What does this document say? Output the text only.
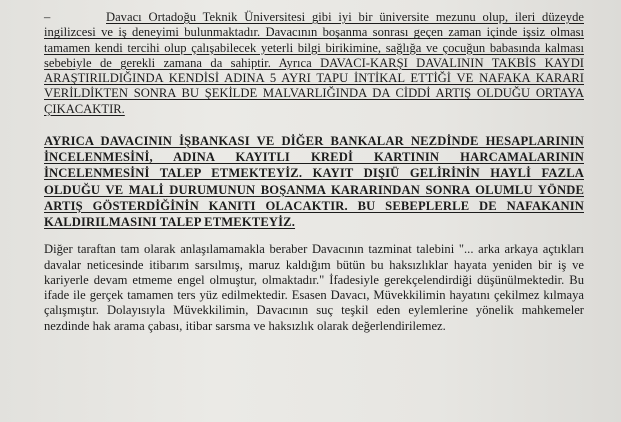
–	Davacı Ortadoğu Teknik Üniversitesi gibi iyi bir üniversite mezunu olup, ileri düzeyde ingilizcesi ve iş deneyimi bulunmaktadır. Davacının boşanma sonrası geçen zaman içinde işsiz olması tamamen kendi tercihi olup çalışabilecek yeterli bilgi birikimine, sağlığa ve çocuğun babasında kalması sebebiyle de gerekli zamana da sahiptir. Ayrıca DAVACI-KARŞI DAVALININ TAKBİS KAYDI ARAŞTIRILDIĞINDA KENDİSİ ADINA 5 AYRI TAPU İNTİKAL ETTİĞİ VE NAFAKA KARARI VERİLDİKTEN SONRA BU ŞEKİLDE MALVARLIĞINDA DA CİDDİ ARTIŞ OLDUĞU ORTAYA ÇIKACAKTIR.

AYRICA DAVACININ İŞBANKASI VE DİĞER BANKALAR NEZDİNDE HESAPLARININ İNCELENMESİNİ, ADINA KAYITLI KREDİ KARTININ HARCAMALARININ İNCELENMESİNİ TALEP ETMEKTEYİZ. KAYIT DIŞIÜ GELİRİNİN HAYLİ FAZLA OLDUĞU VE MALİ DURUMUNUN BOŞANMA KARARINDAN SONRA OLUMLU YÖNDE ARTIŞ GÖSTERDİĞİNİN KANITI OLACAKTIR. BU SEBEPLERLE DE NAFAKANIN KALDIRILMASINI TALEP ETMEKTEYİZ.

Diğer taraftan tam olarak anlaşılamamakla beraber Davacının tazminat talebini "... arka arkaya açtıkları davalar neticesinde itibarım sarsılmış, maruz kaldığım bütün bu haksızlıklar hayata yeniden bir iş ve kariyerle devam etmeme engel olmuştur, olmaktadır." İfadesiyle gerekçelendirdiği düşünülmektedir. Bu ifade ile gerçek tamamen ters yüz edilmektedir. Esasen Davacı, Müvekkilimin hayatını çekilmez kılmaya çalışmıştır. Dolayısıyla Müvekkilimin, Davacının suç teşkil eden eylemlerine yönelik mahkemeler nezdinde hak arama çabası, itibar sarsma ve haksızlık olarak değerlendirilemez.
